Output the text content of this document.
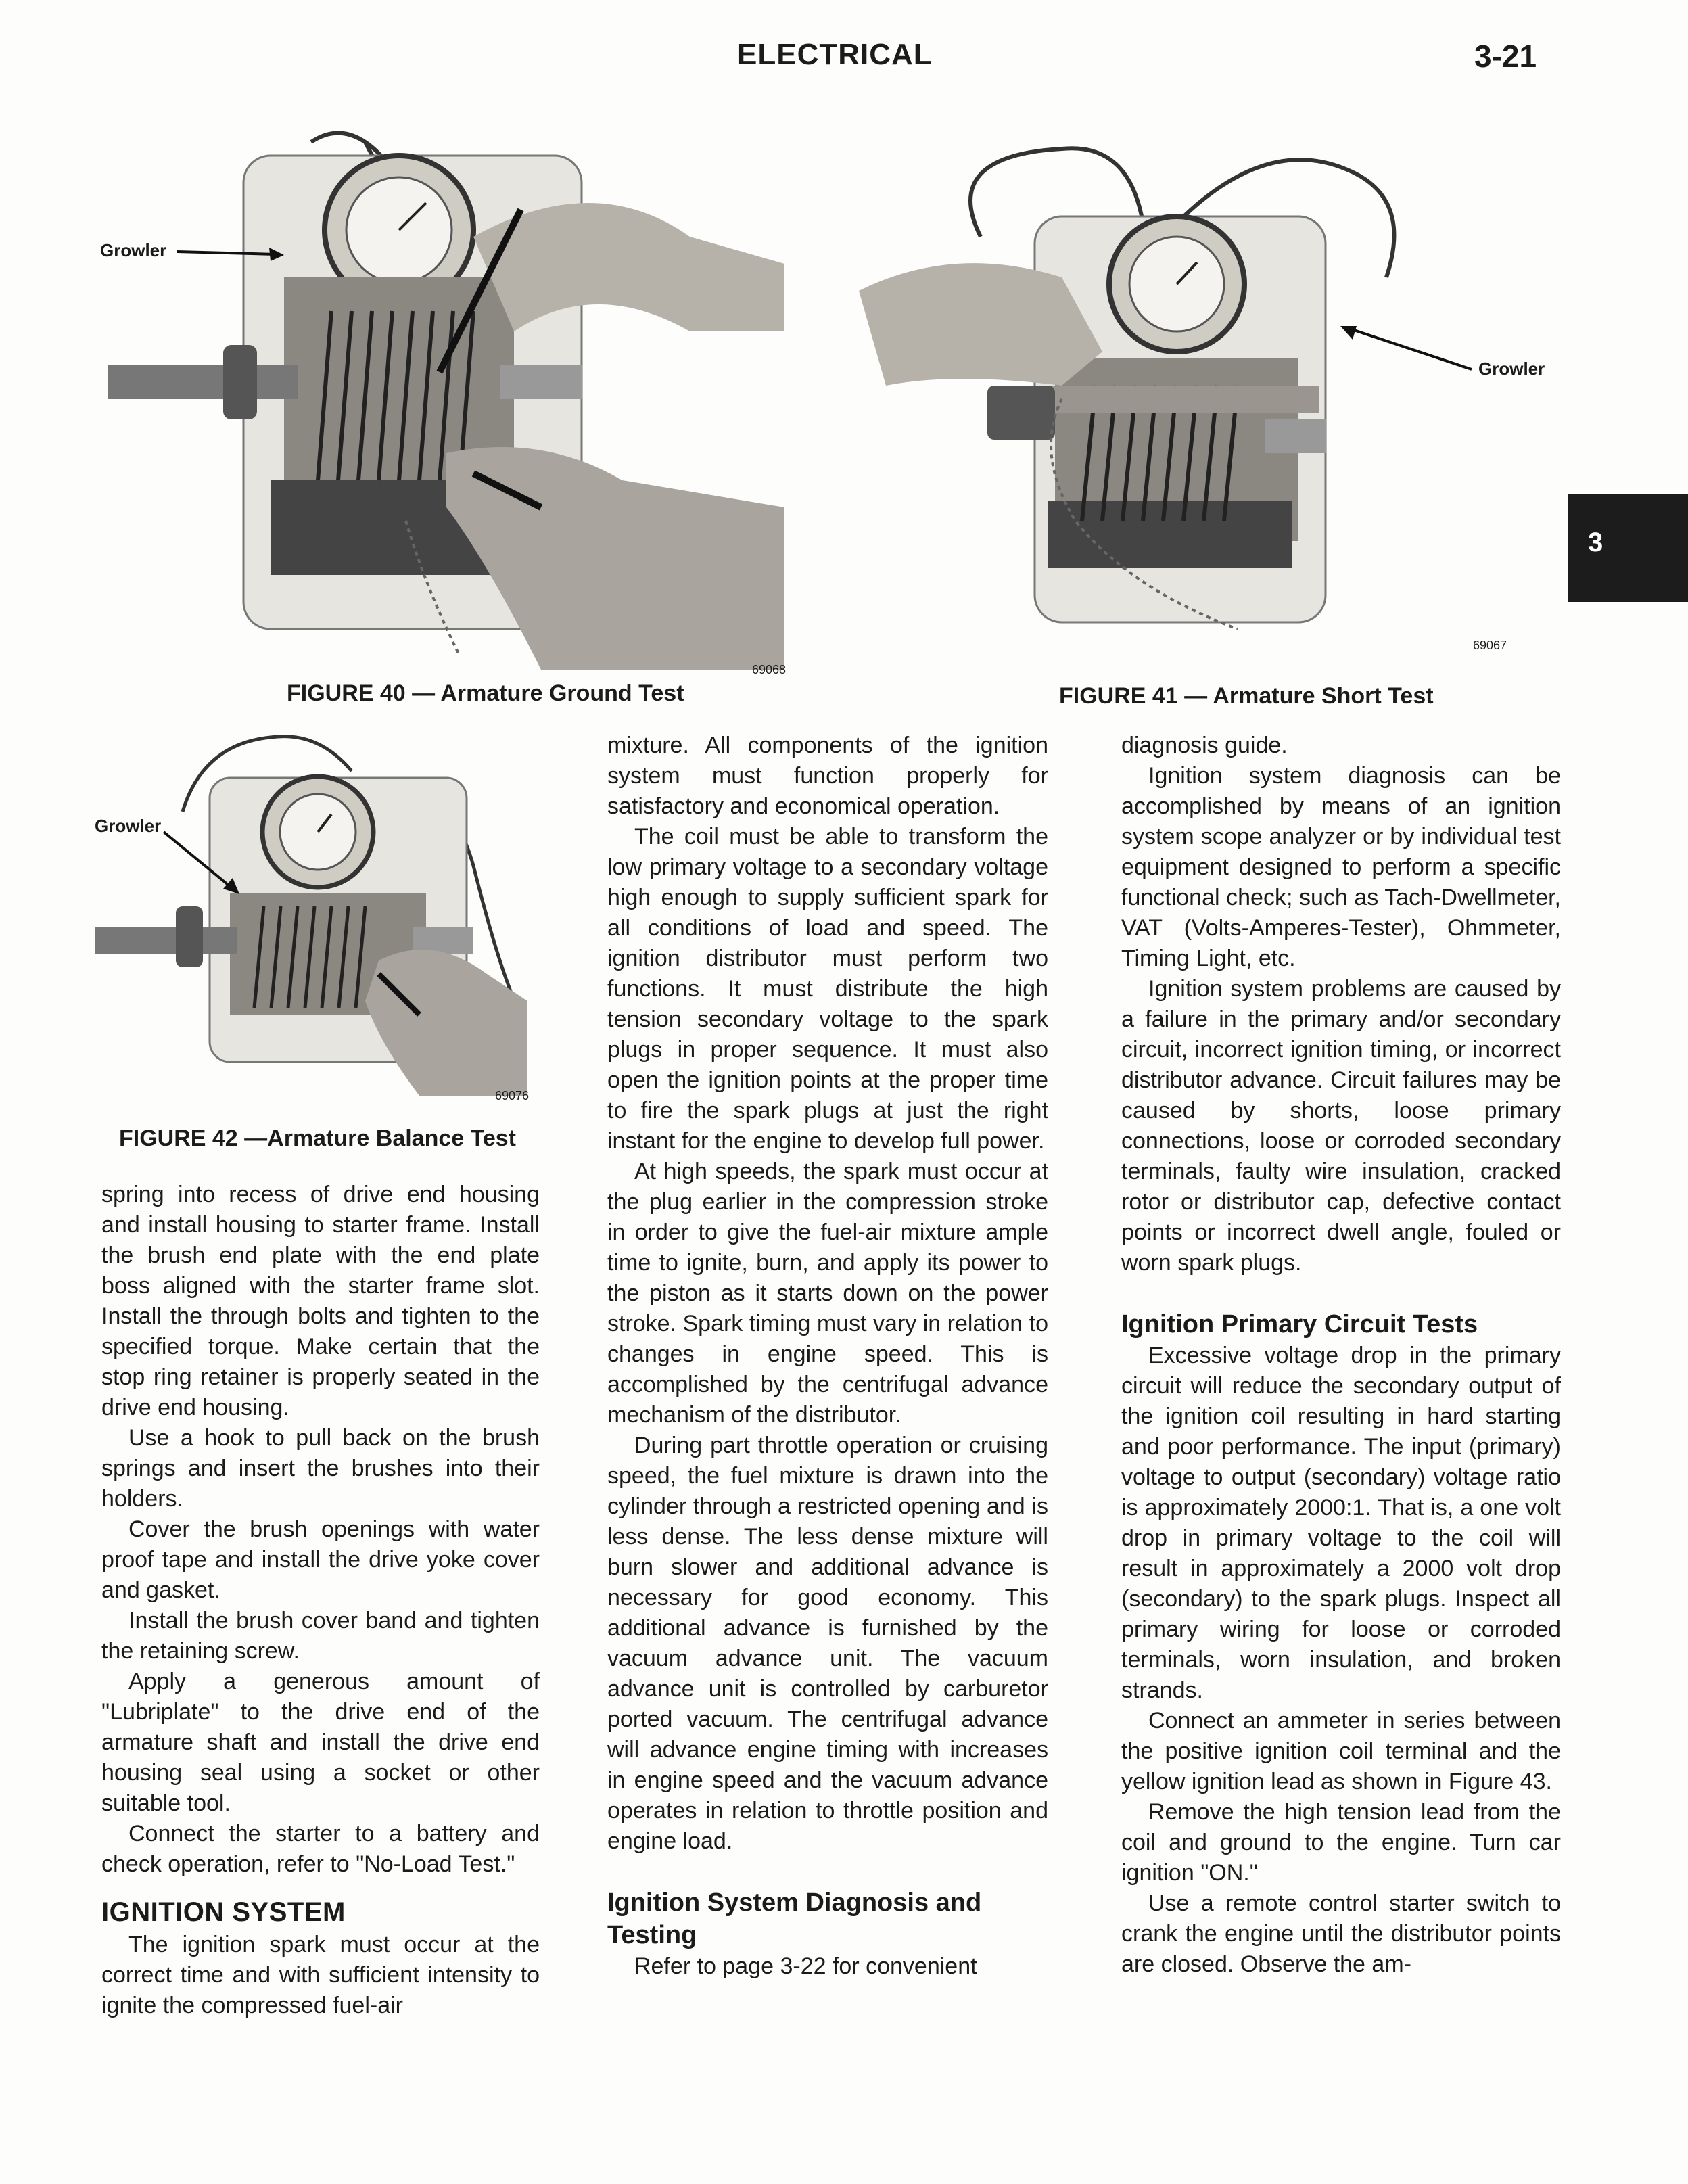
ELECTRICAL	3-21
3
Growler
69068
FIGURE 40 — Armature Ground Test
Growler
69067
FIGURE 41 — Armature Short Test
Growler
69076
FIGURE 42 —Armature Balance Test

spring into recess of drive end housing and install housing to starter frame. Install the brush end plate with the end plate boss aligned with the starter frame slot. Install the through bolts and tighten to the specified torque. Make certain that the stop ring retainer is properly seated in the drive end housing.

Use a hook to pull back on the brush springs and insert the brushes into their holders.

Cover the brush openings with water proof tape and install the drive yoke cover and gasket.

Install the brush cover band and tighten the retaining screw.

Apply a generous amount of "Lubriplate" to the drive end of the armature shaft and install the drive end housing seal using a socket or other suitable tool.

Connect the starter to a battery and check operation, refer to "No-Load Test."

IGNITION SYSTEM

The ignition spark must occur at the correct time and with sufficient intensity to ignite the compressed fuel-air

mixture. All components of the ignition system must function properly for satisfactory and economical operation.

The coil must be able to transform the low primary voltage to a secondary voltage high enough to supply sufficient spark for all conditions of load and speed. The ignition distributor must perform two functions. It must distribute the high tension secondary voltage to the spark plugs in proper sequence. It must also open the ignition points at the proper time to fire the spark plugs at just the right instant for the engine to develop full power.

At high speeds, the spark must occur at the plug earlier in the compression stroke in order to give the fuel-air mixture ample time to ignite, burn, and apply its power to the piston as it starts down on the power stroke. Spark timing must vary in relation to changes in engine speed. This is accomplished by the centrifugal advance mechanism of the distributor.

During part throttle operation or cruising speed, the fuel mixture is drawn into the cylinder through a restricted opening and is less dense. The less dense mixture will burn slower and additional advance is necessary for good economy. This additional advance is furnished by the vacuum advance unit. The vacuum advance unit is controlled by carburetor ported vacuum. The centrifugal advance will advance engine timing with increases in engine speed and the vacuum advance operates in relation to throttle position and engine load.

Ignition System Diagnosis and Testing

Refer to page 3-22 for convenient

diagnosis guide.

Ignition system diagnosis can be accomplished by means of an ignition system scope analyzer or by individual test equipment designed to perform a specific functional check; such as Tach-Dwellmeter, VAT (Volts-Amperes-Tester), Ohmmeter, Timing Light, etc.

Ignition system problems are caused by a failure in the primary and/or secondary circuit, incorrect ignition timing, or incorrect distributor advance. Circuit failures may be caused by shorts, loose primary connections, loose or corroded secondary terminals, faulty wire insulation, cracked rotor or distributor cap, defective contact points or incorrect dwell angle, fouled or worn spark plugs.

Ignition Primary Circuit Tests

Excessive voltage drop in the primary circuit will reduce the secondary output of the ignition coil resulting in hard starting and poor performance. The input (primary) voltage to output (secondary) voltage ratio is approximately 2000:1. That is, a one volt drop in primary voltage to the coil will result in approximately a 2000 volt drop (secondary) to the spark plugs. Inspect all primary wiring for loose or corroded terminals, worn insulation, and broken strands.

Connect an ammeter in series between the positive ignition coil terminal and the yellow ignition lead as shown in Figure 43.

Remove the high tension lead from the coil and ground to the engine. Turn car ignition "ON."

Use a remote control starter switch to crank the engine until the distributor points are closed. Observe the am-
